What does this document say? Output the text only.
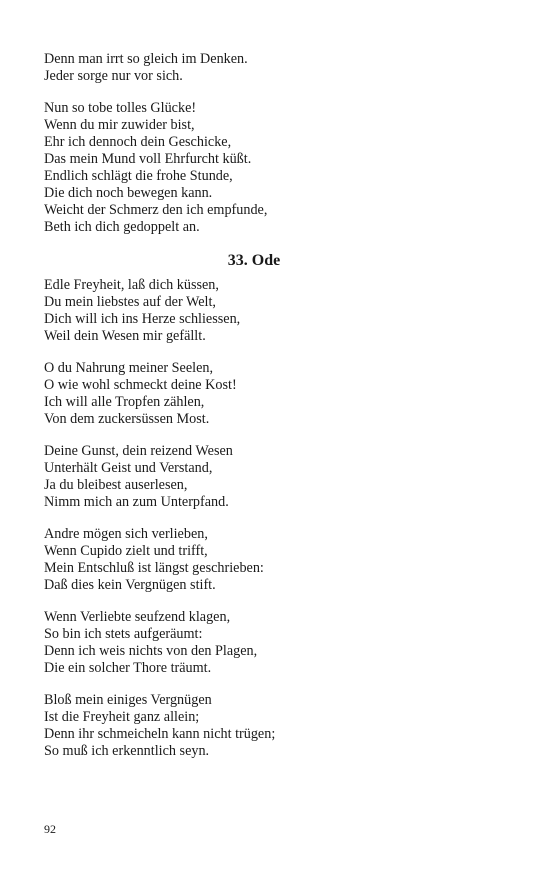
Denn man irrt so gleich im Denken.
Jeder sorge nur vor sich.
Nun so tobe tolles Glücke!
Wenn du mir zuwider bist,
Ehr ich dennoch dein Geschicke,
Das mein Mund voll Ehrfurcht küßt.
Endlich schlägt die frohe Stunde,
Die dich noch bewegen kann.
Weicht der Schmerz den ich empfunde,
Beth ich dich gedoppelt an.
33. Ode
Edle Freyheit, laß dich küssen,
Du mein liebstes auf der Welt,
Dich will ich ins Herze schliessen,
Weil dein Wesen mir gefällt.
O du Nahrung meiner Seelen,
O wie wohl schmeckt deine Kost!
Ich will alle Tropfen zählen,
Von dem zuckersüssen Most.
Deine Gunst, dein reizend Wesen
Unterhält Geist und Verstand,
Ja du bleibest auserlesen,
Nimm mich an zum Unterpfand.
Andre mögen sich verlieben,
Wenn Cupido zielt und trifft,
Mein Entschluß ist längst geschrieben:
Daß dies kein Vergnügen stift.
Wenn Verliebte seufzend klagen,
So bin ich stets aufgeräumt:
Denn ich weis nichts von den Plagen,
Die ein solcher Thore träumt.
Bloß mein einiges Vergnügen
Ist die Freyheit ganz allein;
Denn ihr schmeicheln kann nicht trügen;
So muß ich erkenntlich seyn.
92
